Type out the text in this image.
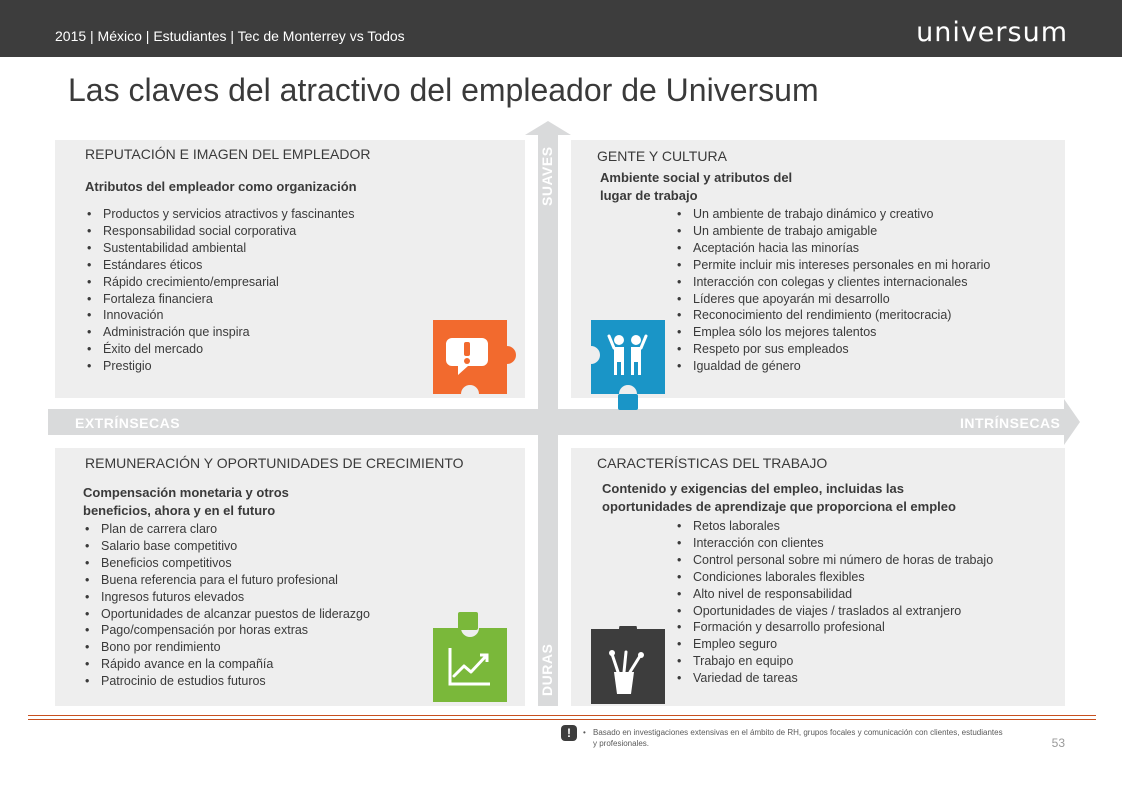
2015 | México | Estudiantes | Tec de Monterrey vs Todos	universum
Las claves del atractivo del empleador de Universum
SUAVES
DURAS
EXTRÍNSECAS	INTRÍNSECAS
REPUTACIÓN E IMAGEN DEL EMPLEADOR
Atributos del empleador como organización
• Productos y servicios atractivos y fascinantes
• Responsabilidad social corporativa
• Sustentabilidad ambiental
• Estándares éticos
• Rápido crecimiento/empresarial
• Fortaleza financiera
• Innovación
• Administración que inspira
• Éxito del mercado
• Prestigio
GENTE Y CULTURA
Ambiente social y atributos del
lugar de trabajo
• Un ambiente de trabajo dinámico y creativo
• Un ambiente de trabajo amigable
• Aceptación hacia las minorías
• Permite incluir mis intereses personales en mi horario
• Interacción con colegas y clientes internacionales
• Líderes que apoyarán mi desarrollo
• Reconocimiento del rendimiento (meritocracia)
• Emplea sólo los mejores talentos
• Respeto por sus empleados
• Igualdad de género
REMUNERACIÓN Y OPORTUNIDADES DE CRECIMIENTO
Compensación monetaria y otros
beneficios, ahora y en el futuro
• Plan de carrera claro
• Salario base competitivo
• Beneficios competitivos
• Buena referencia para el futuro profesional
• Ingresos futuros elevados
• Oportunidades de alcanzar puestos de liderazgo
• Pago/compensación por horas extras
• Bono por rendimiento
• Rápido avance en la compañía
• Patrocinio de estudios futuros
CARACTERÍSTICAS DEL TRABAJO
Contenido y exigencias del empleo, incluidas las
oportunidades de aprendizaje que proporciona el empleo
• Retos laborales
• Interacción con clientes
• Control personal sobre mi número de horas de trabajo
• Condiciones laborales flexibles
• Alto nivel de responsabilidad
• Oportunidades de viajes / traslados al extranjero
• Formación y desarrollo profesional
• Empleo seguro
• Trabajo en equipo
• Variedad de tareas
!
•	Basado en investigaciones extensivas en el ámbito de RH, grupos focales y comunicación con clientes, estudiantes y profesionales.	53
